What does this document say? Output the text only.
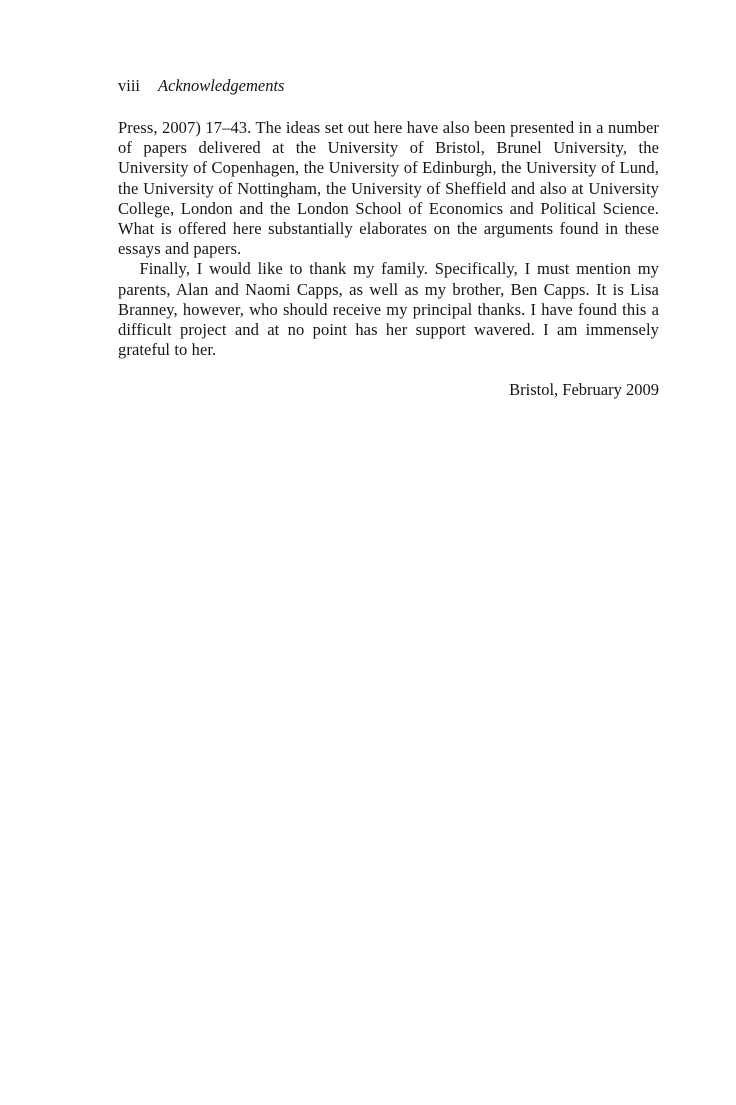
viii Acknowledgements

Press, 2007) 17–43. The ideas set out here have also been presented in a number of papers delivered at the University of Bristol, Brunel University, the University of Copenhagen, the University of Edinburgh, the University of Lund, the University of Nottingham, the University of Sheffield and also at University College, London and the London School of Economics and Political Science. What is offered here substantially elaborates on the arguments found in these essays and papers.

Finally, I would like to thank my family. Specifically, I must mention my parents, Alan and Naomi Capps, as well as my brother, Ben Capps. It is Lisa Branney, however, who should receive my principal thanks. I have found this a difficult project and at no point has her support wavered. I am immensely grateful to her.

Bristol, February 2009
